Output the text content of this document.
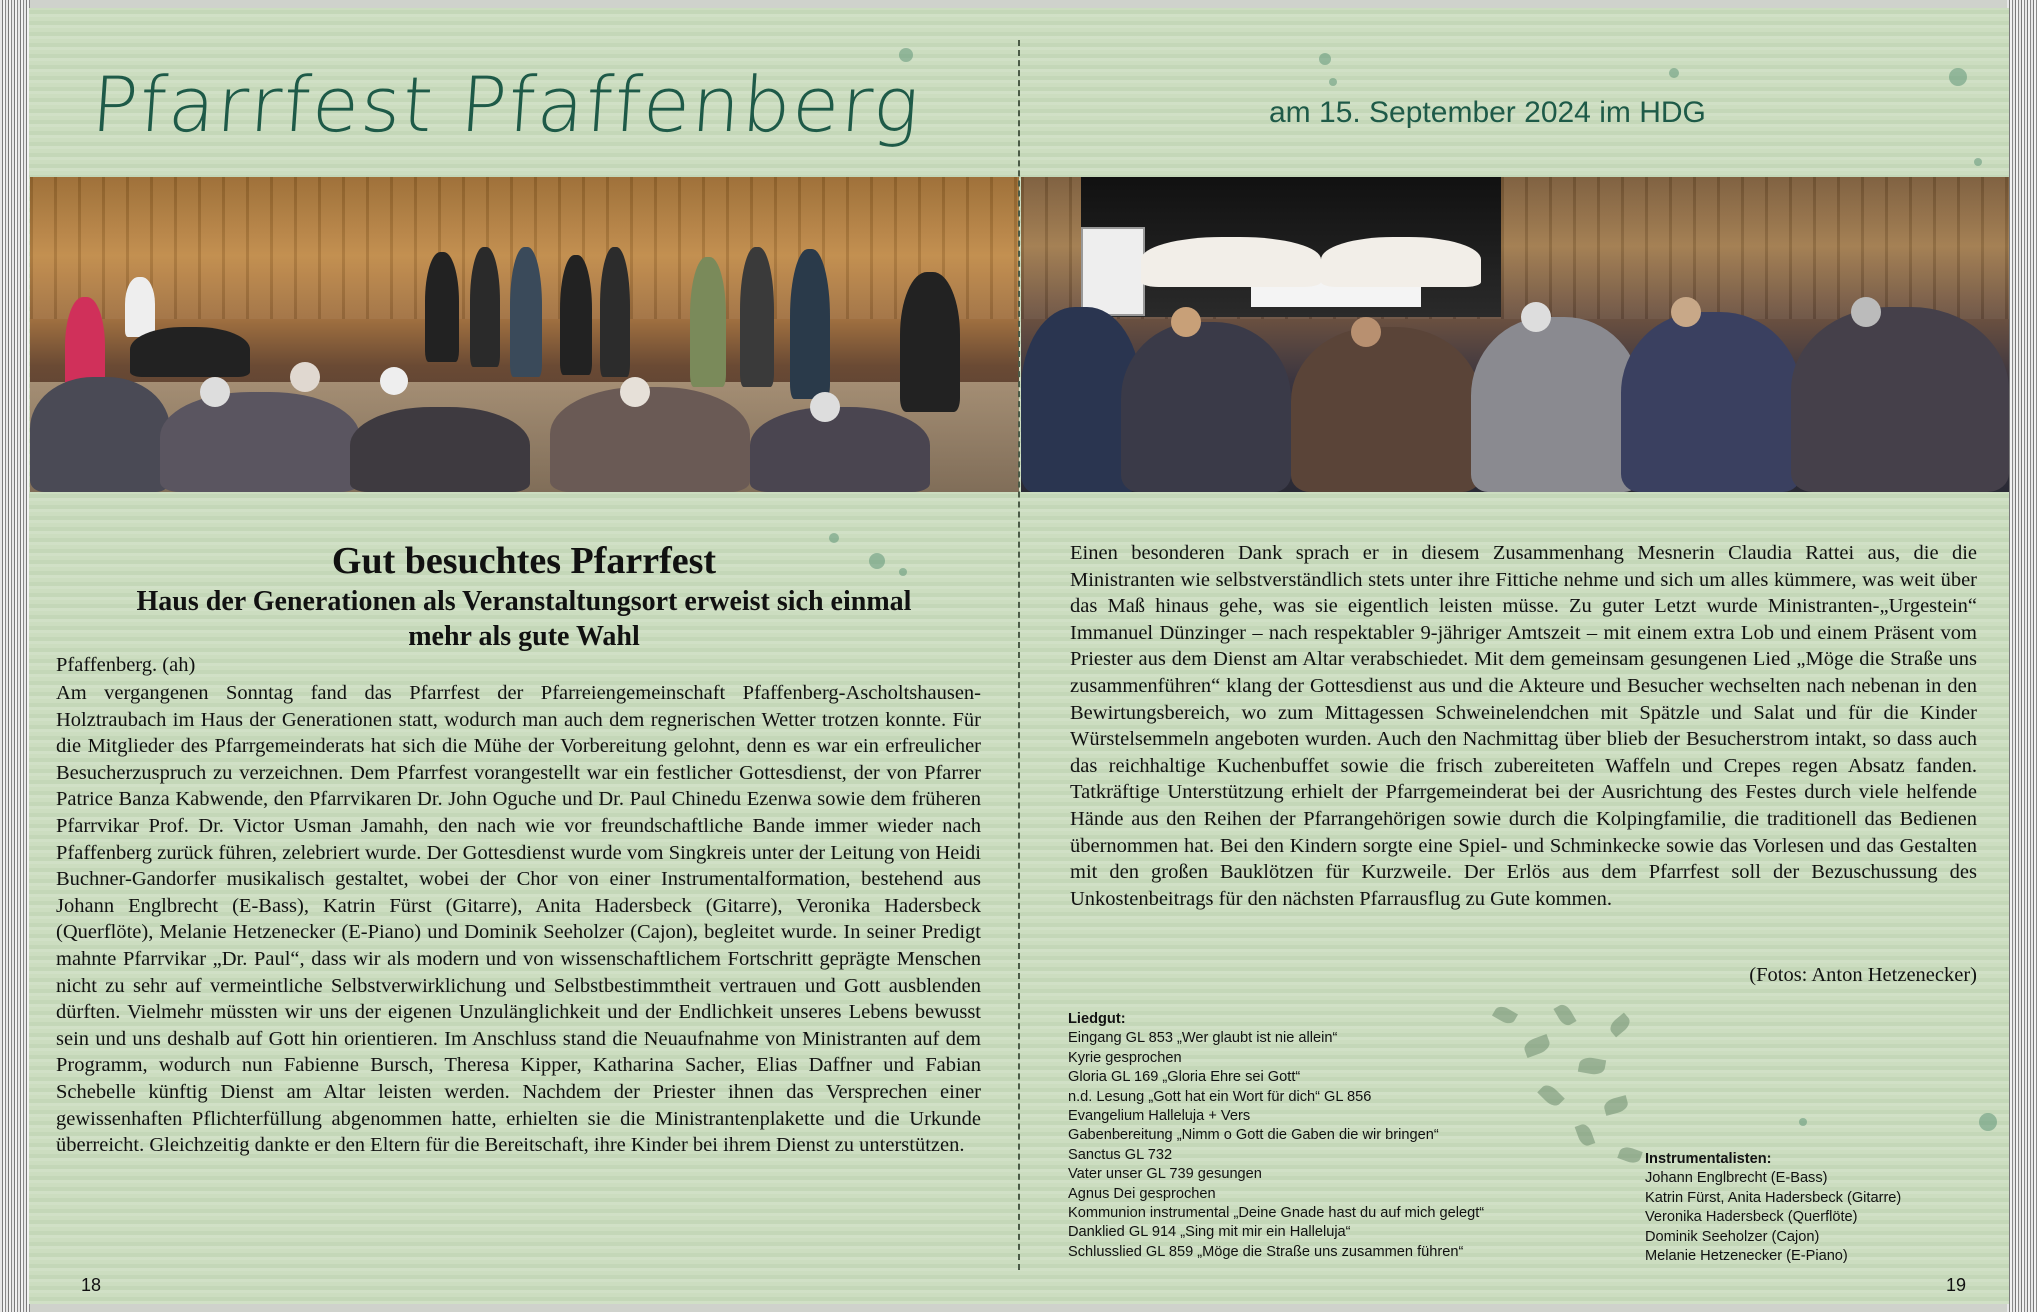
Pfarrfest Pfaffenberg
Gut besuchtes Pfarrfest
Haus der Generationen als Veranstaltungsort erweist sich einmal
mehr als gute Wahl
Pfaffenberg. (ah)
Am vergangenen Sonntag fand das Pfarrfest der Pfarreiengemeinschaft Pfaffenberg-Ascholtshausen-Holztraubach im Haus der Generationen statt, wodurch man auch dem regnerischen Wetter trotzen konnte. Für die Mitglieder des Pfarrgemeinderats hat sich die Mühe der Vorbereitung gelohnt, denn es war ein erfreulicher Besucherzuspruch zu verzeichnen. Dem Pfarrfest vorangestellt war ein festlicher Gottesdienst, der von Pfarrer Patrice Banza Kabwende, den Pfarrvikaren Dr. John Oguche und Dr. Paul Chinedu Ezenwa sowie dem früheren Pfarrvikar Prof. Dr. Victor Usman Jamahh, den nach wie vor freundschaftliche Bande immer wieder nach Pfaffenberg zurück führen, zelebriert wurde. Der Gottesdienst wurde vom Singkreis unter der Leitung von Heidi Buchner-Gandorfer musikalisch gestaltet, wobei der Chor von einer Instrumentalformation, bestehend aus Johann Englbrecht (E-Bass), Katrin Fürst (Gitarre), Anita Hadersbeck (Gitarre), Veronika Hadersbeck (Querflöte), Melanie Hetzenecker (E-Piano) und Dominik Seeholzer (Cajon), begleitet wurde. In seiner Predigt mahnte Pfarrvikar „Dr. Paul“, dass wir als modern und von wissenschaftlichem Fortschritt geprägte Menschen nicht zu sehr auf vermeintliche Selbstverwirklichung und Selbstbestimmtheit vertrauen und Gott ausblenden dürften. Vielmehr müssten wir uns der eigenen Unzulänglichkeit und der Endlichkeit unseres Lebens bewusst sein und uns deshalb auf Gott hin orientieren. Im Anschluss stand die Neuaufnahme von Ministranten auf dem Programm, wodurch nun Fabienne Bursch, Theresa Kipper, Katharina Sacher, Elias Daffner und Fabian Schebelle künftig Dienst am Altar leisten werden. Nachdem der Priester ihnen das Versprechen einer gewissenhaften Pflichterfüllung abgenommen hatte, erhielten sie die Ministrantenplakette und die Urkunde überreicht. Gleichzeitig dankte er den Eltern für die Bereitschaft, ihre Kinder bei ihrem Dienst zu unterstützen.
18
am 15. September 2024 im HDG
Einen besonderen Dank sprach er in diesem Zusammenhang Mesnerin Claudia Rattei aus, die die Ministranten wie selbstverständlich stets unter ihre Fittiche nehme und sich um alles kümmere, was weit über das Maß hinaus gehe, was sie eigentlich leisten müsse. Zu guter Letzt wurde Ministranten-„Urgestein“ Immanuel Dünzinger – nach respektabler 9-jähriger Amtszeit – mit einem extra Lob und einem Präsent vom Priester aus dem Dienst am Altar verabschiedet. Mit dem gemeinsam gesungenen Lied „Möge die Straße uns zusammenführen“ klang der Gottesdienst aus und die Akteure und Besucher wechselten nach nebenan in den Bewirtungsbereich, wo zum Mittagessen Schweinelendchen mit Spätzle und Salat und für die Kinder Würstelsemmeln angeboten wurden. Auch den Nachmittag über blieb der Besucherstrom intakt, so dass auch das reichhaltige Kuchenbuffet sowie die frisch zubereiteten Waffeln und Crepes regen Absatz fanden. Tatkräftige Unterstützung erhielt der Pfarrgemeinderat bei der Ausrichtung des Festes durch viele helfende Hände aus den Reihen der Pfarrangehörigen sowie durch die Kolpingfamilie, die traditionell das Bedienen übernommen hat. Bei den Kindern sorgte eine Spiel- und Schminkecke sowie das Vorlesen und das Gestalten mit den großen Bauklötzen für Kurzweile. Der Erlös aus dem Pfarrfest soll der Bezuschussung des Unkostenbeitrags für den nächsten Pfarrausflug zu Gute kommen.
(Fotos: Anton Hetzenecker)
Liedgut:
Eingang GL 853 „Wer glaubt ist nie allein“
Kyrie gesprochen
Gloria GL 169 „Gloria Ehre sei Gott“
n.d. Lesung „Gott hat ein Wort für dich“ GL 856
Evangelium Halleluja + Vers
Gabenbereitung „Nimm o Gott die Gaben die wir bringen“
Sanctus GL 732
Vater unser GL 739 gesungen
Agnus Dei gesprochen
Kommunion instrumental „Deine Gnade hast du auf mich gelegt“
Danklied GL 914 „Sing mit mir ein Halleluja“
Schlusslied GL 859 „Möge die Straße uns zusammen führen“
Instrumentalisten:
Johann Englbrecht (E-Bass)
Katrin Fürst, Anita Hadersbeck (Gitarre)
Veronika Hadersbeck (Querflöte)
Dominik Seeholzer (Cajon)
Melanie Hetzenecker (E-Piano)
19
